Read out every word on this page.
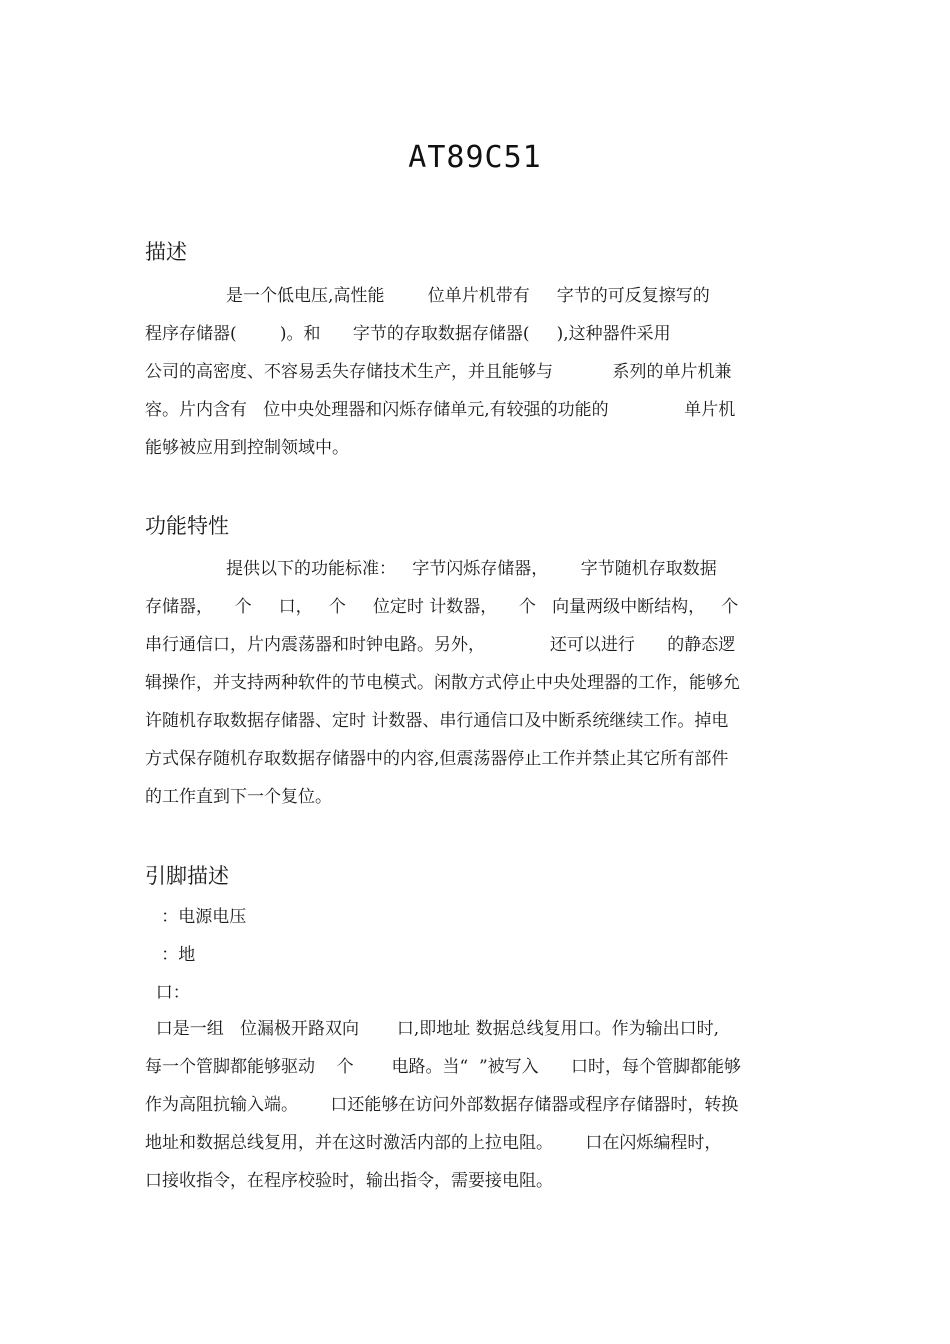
AT89C51
描述
是一个低电压,高性能        位单片机带有     字节的可反复擦写的
程序存储器(        )。和      字节的存取数据存储器(     ),这种器件采用
公司的高密度、不容易丢失存储技术生产，并且能够与           系列的单片机兼
容。片内含有   位中央处理器和闪烁存储单元,有较强的功能的              单片机
能够被应用到控制领域中。
功能特性
提供以下的功能标准：   字节闪烁存储器，      字节随机存取数据
存储器，    个     口，   个     位定时 计数器，    个   向量两级中断结构，   个
串行通信口，片内震荡器和时钟电路。另外，            还可以进行      的静态逻
辑操作，并支持两种软件的节电模式。闲散方式停止中央处理器的工作，能够允
许随机存取数据存储器、定时 计数器、串行通信口及中断系统继续工作。掉电
方式保存随机存取数据存储器中的内容,但震荡器停止工作并禁止其它所有部件
的工作直到下一个复位。
引脚描述
：电源电压
：地
口：
口是一组   位漏极开路双向       口,即地址 数据总线复用口。作为输出口时,
每一个管脚都能够驱动    个       电路。当“  ”被写入      口时，每个管脚都能够
作为高阻抗输入端。      口还能够在访问外部数据存储器或程序存储器时，转换
地址和数据总线复用，并在这时激活内部的上拉电阻。      口在闪烁编程时，
口接收指令，在程序校验时，输出指令，需要接电阻。
